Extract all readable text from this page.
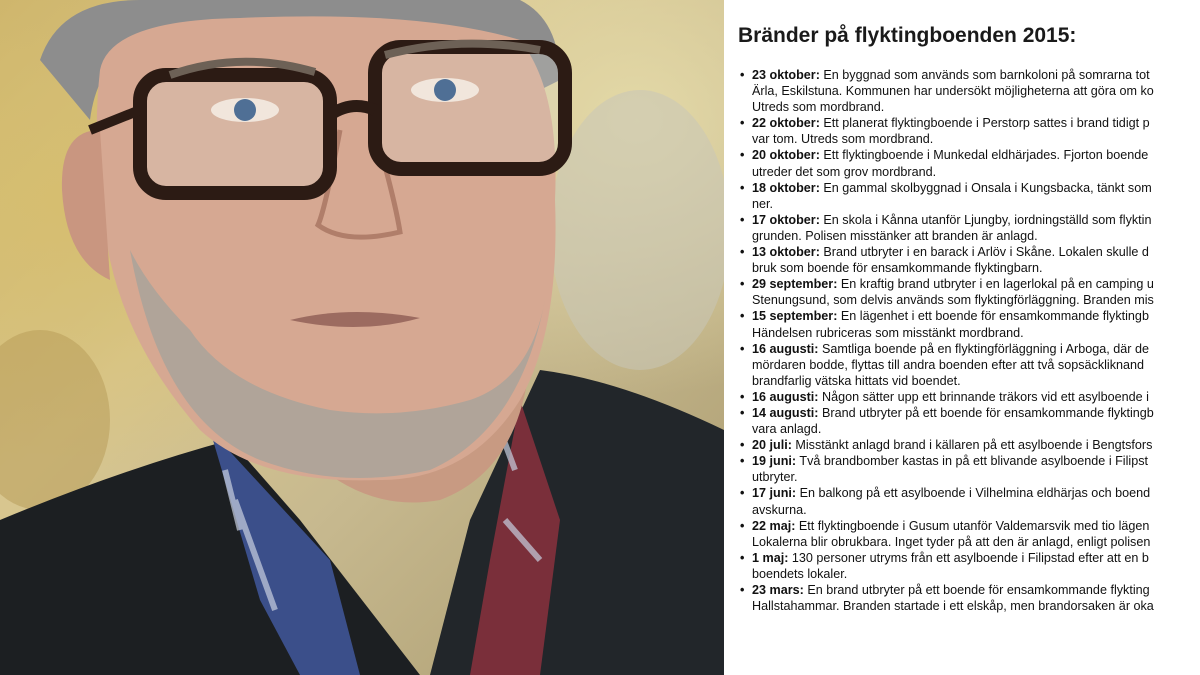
Bränder på flyktingboenden 2015:
• 23 oktober: En byggnad som används som barnkoloni på somrarna tot
Ärla, Eskilstuna. Kommunen har undersökt möjligheterna att göra om ko
Utreds som mordbrand.
• 22 oktober: Ett planerat flyktingboende i Perstorp sattes i brand tidigt p
var tom. Utreds som mordbrand.
• 20 oktober: Ett flyktingboende i Munkedal eldhärjades. Fjorton boende
utreder det som grov mordbrand.
• 18 oktober: En gammal skolbyggnad i Onsala i Kungsbacka, tänkt som
ner.
• 17 oktober: En skola i Kånna utanför Ljungby, iordningställd som flyktin
grunden. Polisen misstänker att branden är anlagd.
• 13 oktober: Brand utbryter i en barack i Arlöv i Skåne. Lokalen skulle d
bruk som boende för ensamkommande flyktingbarn.
• 29 september: En kraftig brand utbryter i en lagerlokal på en camping u
Stenungsund, som delvis används som flyktingförläggning. Branden mis
• 15 september: En lägenhet i ett boende för ensamkommande flyktingb
Händelsen rubriceras som misstänkt mordbrand.
• 16 augusti: Samtliga boende på en flyktingförläggning i Arboga, där de
mördaren bodde, flyttas till andra boenden efter att två sopsäckliknand
brandfarlig vätska hittats vid boendet.
• 16 augusti: Någon sätter upp ett brinnande träkors vid ett asylboende i
• 14 augusti: Brand utbryter på ett boende för ensamkommande flyktingb
vara anlagd.
• 20 juli: Misstänkt anlagd brand i källaren på ett asylboende i Bengtsfors
• 19 juni: Två brandbomber kastas in på ett blivande asylboende i Filipst
utbryter.
• 17 juni: En balkong på ett asylboende i Vilhelmina eldhärjas och boend
avskurna.
• 22 maj: Ett flyktingboende i Gusum utanför Valdemarsvik med tio lägen
Lokalerna blir obrukbara. Inget tyder på att den är anlagd, enligt polisen
• 1 maj: 130 personer utryms från ett asylboende i Filipstad efter att en b
boendets lokaler.
• 23 mars: En brand utbryter på ett boende för ensamkommande flykting
Hallstahammar. Branden startade i ett elskåp, men brandorsaken är oka
